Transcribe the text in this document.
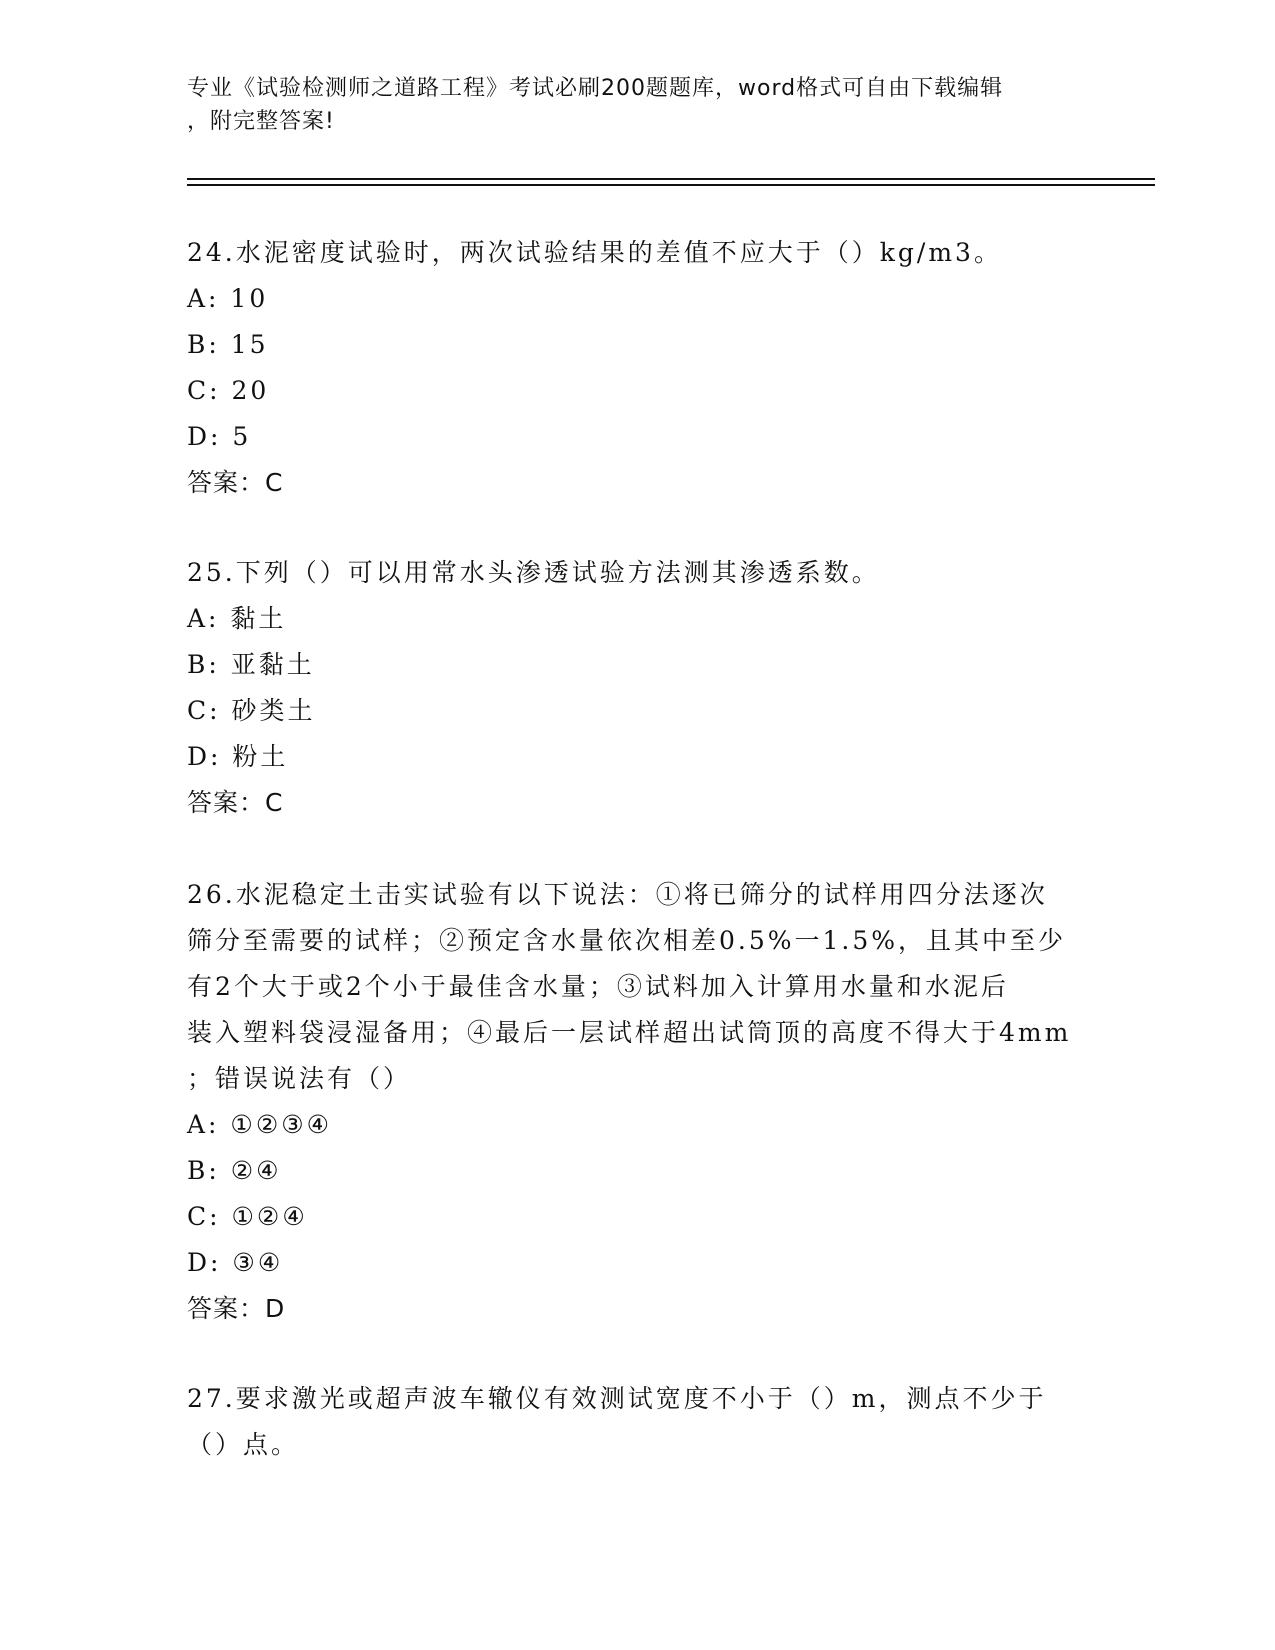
专业《试验检测师之道路工程》考试必刷200题题库，word格式可自由下载编辑
，附完整答案!

24.水泥密度试验时，两次试验结果的差值不应大于（）kg/m3。

A: 10

B: 15

C: 20

D: 5

答案：C

25.下列（）可以用常水头渗透试验方法测其渗透系数。

A: 黏土

B: 亚黏土

C: 砂类土

D: 粉土

答案：C

26.水泥稳定土击实试验有以下说法：①将已筛分的试样用四分法逐次

筛分至需要的试样；②预定含水量依次相差0.5%一1.5%，且其中至少

有2个大于或2个小于最佳含水量；③试料加入计算用水量和水泥后

装入塑料袋浸湿备用；④最后一层试样超出试筒顶的高度不得大于4mm

；错误说法有（）

A: ①②③④

B: ②④

C: ①②④

D: ③④

答案：D

27.要求激光或超声波车辙仪有效测试宽度不小于（）m，测点不少于

（）点。
